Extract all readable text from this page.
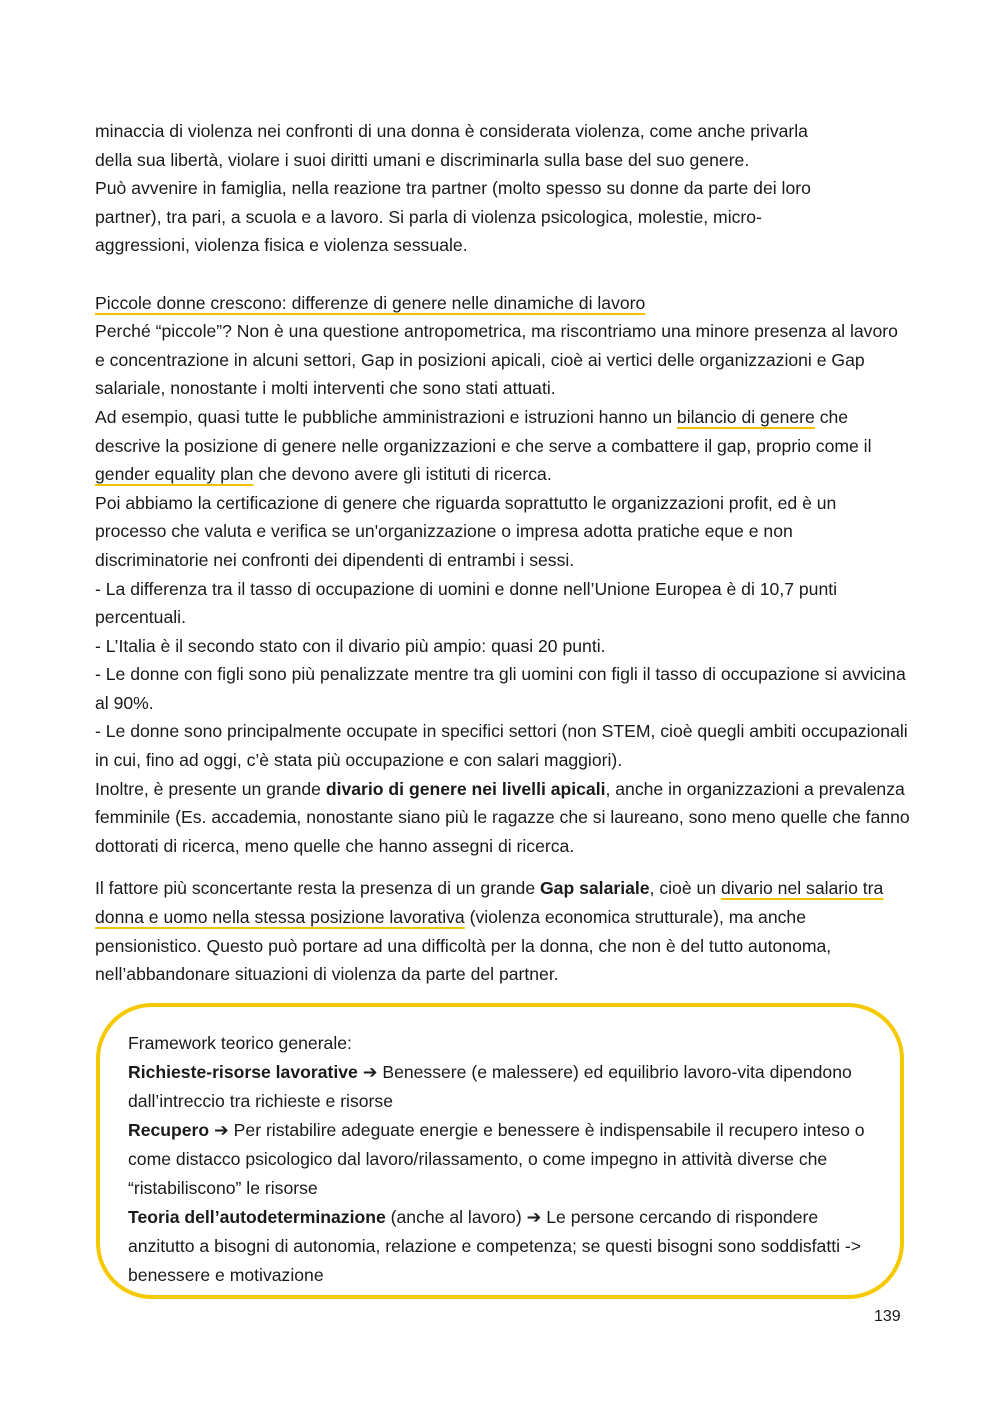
minaccia di violenza nei confronti di una donna è considerata violenza, come anche privarla
della sua libertà, violare i suoi diritti umani e discriminarla sulla base del suo genere.
Può avvenire in famiglia, nella reazione tra partner (molto spesso su donne da parte dei loro
partner), tra pari, a scuola e a lavoro. Si parla di violenza psicologica, molestie, micro-
aggressioni, violenza fisica e violenza sessuale.

Piccole donne crescono: differenze di genere nelle dinamiche di lavoro

Perché “piccole”? Non è una questione antropometrica, ma riscontriamo una minore presenza al lavoro e concentrazione in alcuni settori, Gap in posizioni apicali, cioè ai vertici delle organizzazioni e Gap salariale, nonostante i molti interventi che sono stati attuati.

Ad esempio, quasi tutte le pubbliche amministrazioni e istruzioni hanno un bilancio di genere che descrive la posizione di genere nelle organizzazioni e che serve a combattere il gap, proprio come il gender equality plan che devono avere gli istituti di ricerca.

Poi abbiamo la certificazione di genere che riguarda soprattutto le organizzazioni profit, ed è un processo che valuta e verifica se un'organizzazione o impresa adotta pratiche eque e non discriminatorie nei confronti dei dipendenti di entrambi i sessi.

- La differenza tra il tasso di occupazione di uomini e donne nell’Unione Europea è di 10,7 punti percentuali.

- L’Italia è il secondo stato con il divario più ampio: quasi 20 punti.

- Le donne con figli sono più penalizzate mentre tra gli uomini con figli il tasso di occupazione si avvicina al 90%.

- Le donne sono principalmente occupate in specifici settori (non STEM, cioè quegli ambiti occupazionali in cui, fino ad oggi, c’è stata più occupazione e con salari maggiori).

Inoltre, è presente un grande divario di genere nei livelli apicali, anche in organizzazioni a prevalenza femminile (Es. accademia, nonostante siano più le ragazze che si laureano, sono meno quelle che fanno dottorati di ricerca, meno quelle che hanno assegni di ricerca.

Il fattore più sconcertante resta la presenza di un grande Gap salariale, cioè un divario nel salario tra donna e uomo nella stessa posizione lavorativa (violenza economica strutturale), ma anche pensionistico. Questo può portare ad una difficoltà per la donna, che non è del tutto autonoma, nell’abbandonare situazioni di violenza da parte del partner.

Framework teorico generale:

Richieste-risorse lavorative ➔ Benessere (e malessere) ed equilibrio lavoro-vita dipendono dall’intreccio tra richieste e risorse

Recupero ➔ Per ristabilire adeguate energie e benessere è indispensabile il recupero inteso o come distacco psicologico dal lavoro/rilassamento, o come impegno in attività diverse che “ristabiliscono” le risorse

Teoria dell’autodeterminazione (anche al lavoro) ➔ Le persone cercando di rispondere anzitutto a bisogni di autonomia, relazione e competenza; se questi bisogni sono soddisfatti -> benessere e motivazione

139
